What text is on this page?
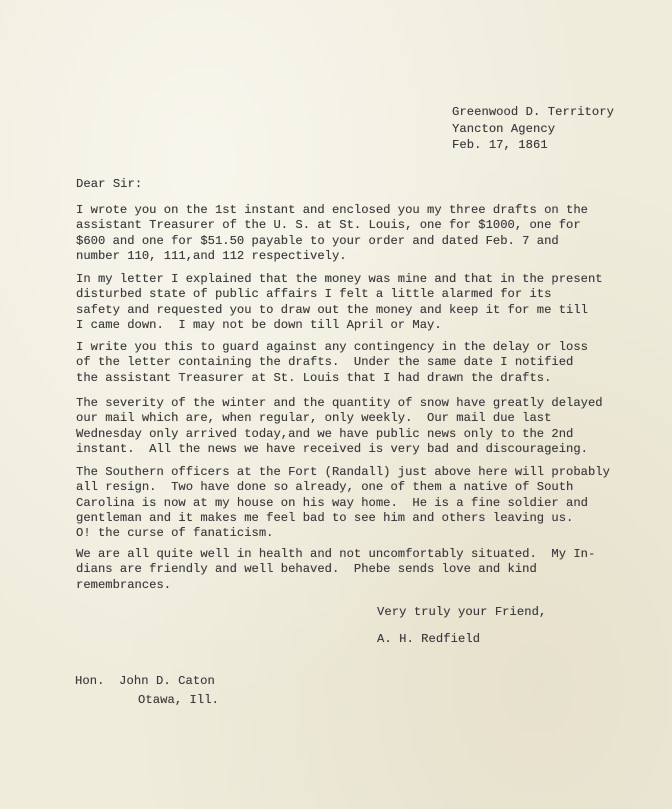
Greenwood D. Territory
Yancton Agency
Feb. 17, 1861
Dear Sir:
I wrote you on the 1st instant and enclosed you my three drafts on the
assistant Treasurer of the U. S. at St. Louis, one for $1000, one for
$600 and one for $51.50 payable to your order and dated Feb. 7 and
number 110, 111,and 112 respectively.
In my letter I explained that the money was mine and that in the present
disturbed state of public affairs I felt a little alarmed for its
safety and requested you to draw out the money and keep it for me till
I came down.  I may not be down till April or May.
I write you this to guard against any contingency in the delay or loss
of the letter containing the drafts.  Under the same date I notified
the assistant Treasurer at St. Louis that I had drawn the drafts.
The severity of the winter and the quantity of snow have greatly delayed
our mail which are, when regular, only weekly.  Our mail due last
Wednesday only arrived today,and we have public news only to the 2nd
instant.  All the news we have received is very bad and discourageing.
The Southern officers at the Fort (Randall) just above here will probably
all resign.  Two have done so already, one of them a native of South
Carolina is now at my house on his way home.  He is a fine soldier and
gentleman and it makes me feel bad to see him and others leaving us.
O! the curse of fanaticism.
We are all quite well in health and not uncomfortably situated.  My In-
dians are friendly and well behaved.  Phebe sends love and kind
remembrances.
Very truly your Friend,
A. H. Redfield
Hon.  John D. Caton
Otawa, Ill.
